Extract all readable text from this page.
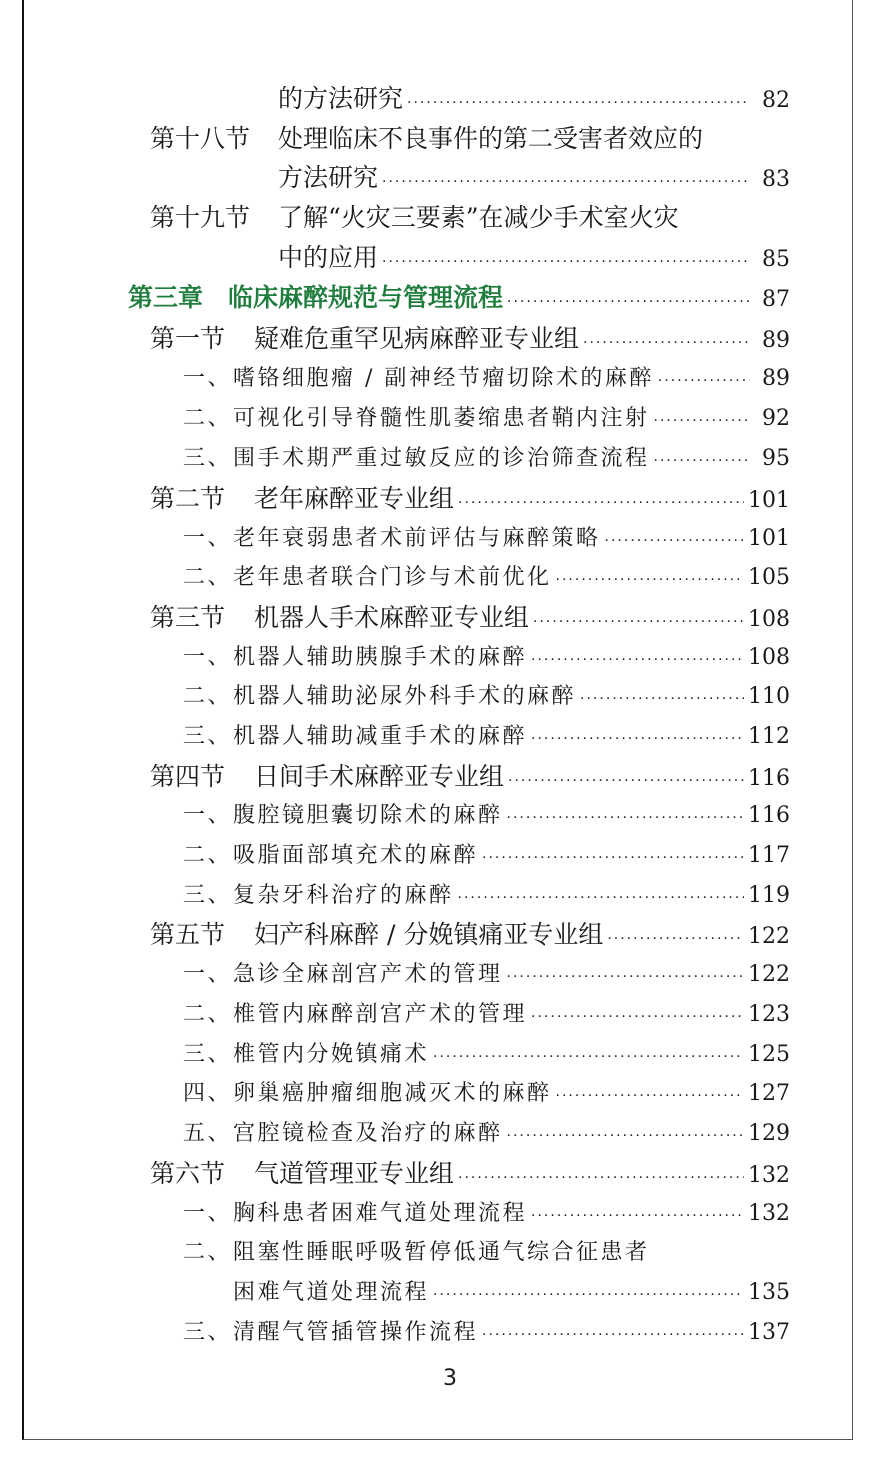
的方法研究 ·····	82
第十八节	处理临床不良事件的第二受害者效应的
方法研究 ·····	83
第十九节	了解“火灾三要素”在减少手术室火灾
中的应用 ·····	85
第三章 临床麻醉规范与管理流程 ·····	87
第一节	疑难危重罕见病麻醉亚专业组 ·····	89
一、 嗜铬细胞瘤 / 副神经节瘤切除术的麻醉 ·····	89
二、 可视化引导脊髓性肌萎缩患者鞘内注射 ·····	92
三、 围手术期严重过敏反应的诊治筛查流程 ·····	95
第二节	老年麻醉亚专业组 ·····	101
一、 老年衰弱患者术前评估与麻醉策略 ·····	101
二、 老年患者联合门诊与术前优化 ·····	105
第三节	机器人手术麻醉亚专业组 ·····	108
一、 机器人辅助胰腺手术的麻醉 ·····	108
二、 机器人辅助泌尿外科手术的麻醉 ·····	110
三、 机器人辅助减重手术的麻醉 ·····	112
第四节	日间手术麻醉亚专业组 ·····	116
一、 腹腔镜胆囊切除术的麻醉 ·····	116
二、 吸脂面部填充术的麻醉 ·····	117
三、 复杂牙科治疗的麻醉 ·····	119
第五节	妇产科麻醉 / 分娩镇痛亚专业组 ·····	122
一、 急诊全麻剖宫产术的管理 ·····	122
二、 椎管内麻醉剖宫产术的管理 ·····	123
三、 椎管内分娩镇痛术 ·····	125
四、 卵巢癌肿瘤细胞减灭术的麻醉 ·····	127
五、 宫腔镜检查及治疗的麻醉 ·····	129
第六节	气道管理亚专业组 ·····	132
一、 胸科患者困难气道处理流程 ·····	132
二、 阻塞性睡眠呼吸暂停低通气综合征患者
困难气道处理流程 ·····	135
三、 清醒气管插管操作流程 ·····	137
3
